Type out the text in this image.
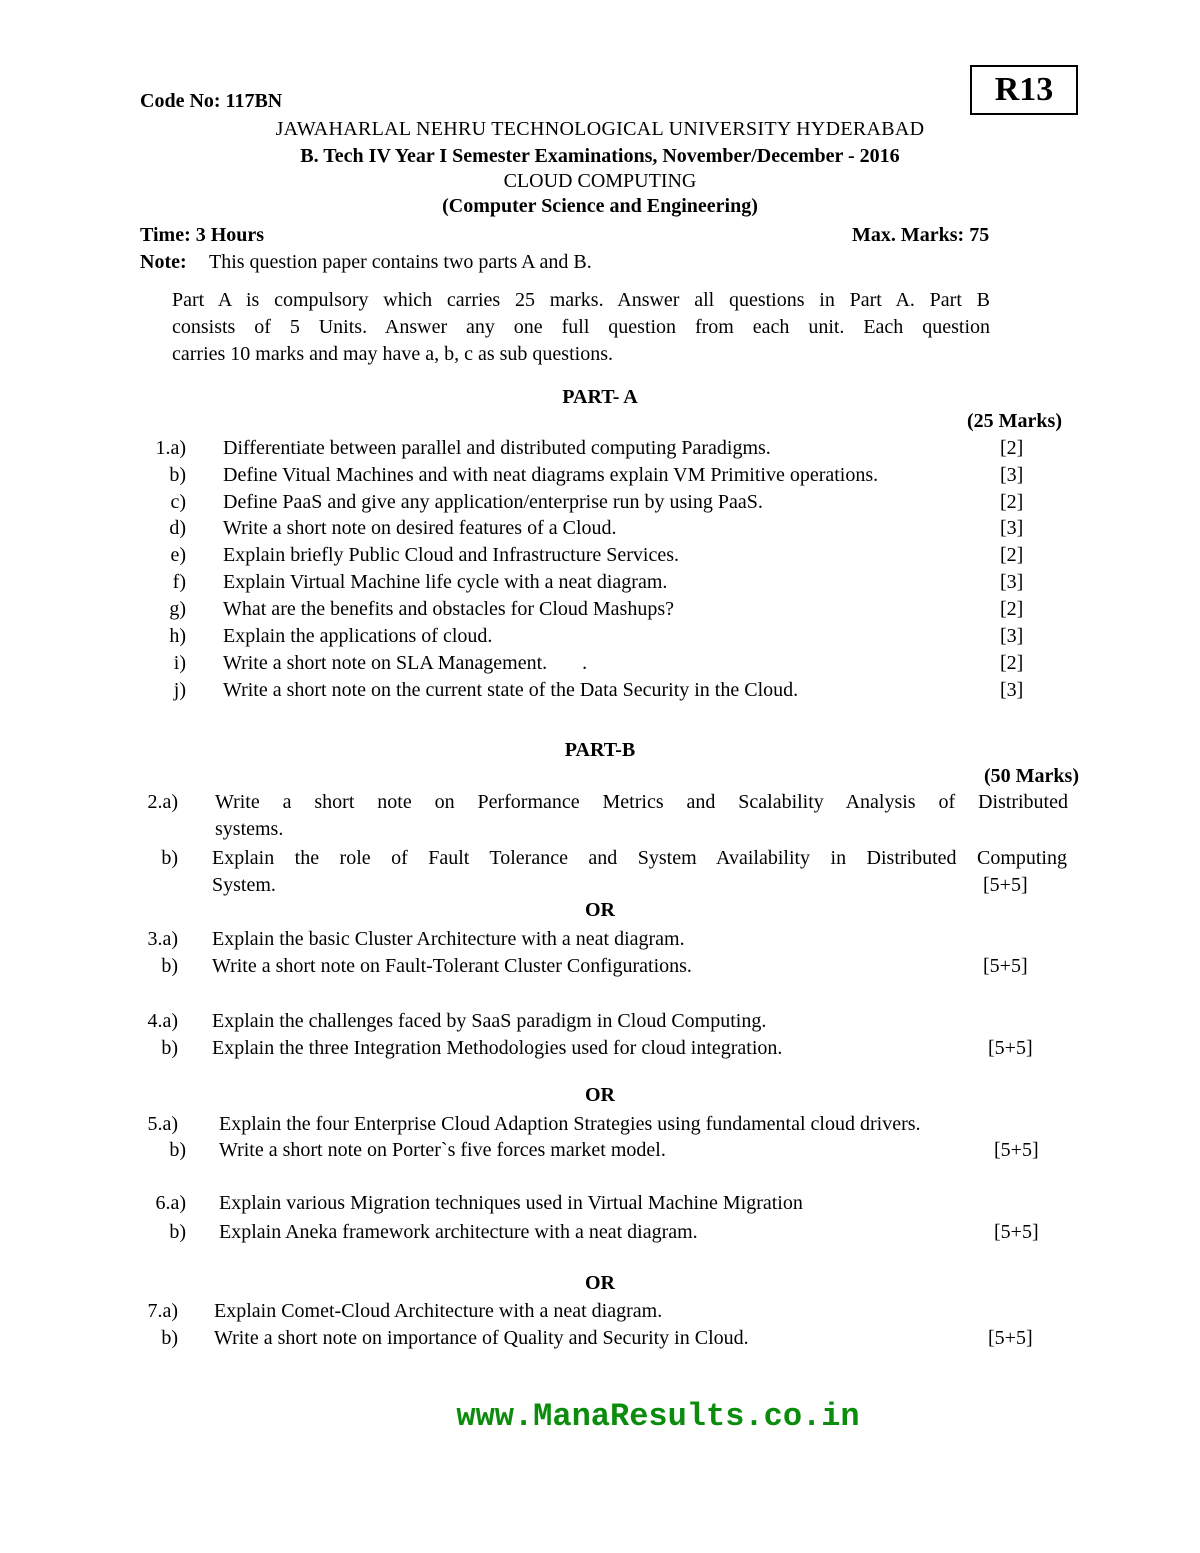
Code No: 117BN	R13
JAWAHARLAL NEHRU TECHNOLOGICAL UNIVERSITY HYDERABAD
B. Tech IV Year I Semester Examinations, November/December - 2016
CLOUD COMPUTING
(Computer Science and Engineering)
Time: 3 Hours	Max. Marks: 75
Note: This question paper contains two parts A and B.
Part A is compulsory which carries 25 marks. Answer all questions in Part A. Part B
consists of 5 Units. Answer any one full question from each unit. Each question
carries 10 marks and may have a, b, c as sub questions.
PART- A
(25 Marks)
1.a) Differentiate between parallel and distributed computing Paradigms.	[2]
b) Define Vitual Machines and with neat diagrams explain VM Primitive operations.	[3]
c) Define PaaS and give any application/enterprise run by using PaaS.	[2]
d) Write a short note on desired features of a Cloud.	[3]
e) Explain briefly Public Cloud and Infrastructure Services.	[2]
f) Explain Virtual Machine life cycle with a neat diagram.	[3]
g) What are the benefits and obstacles for Cloud Mashups?	[2]
h) Explain the applications of cloud.	[3]
i) Write a short note on SLA Management.       .	[2]
j) Write a short note on the current state of the Data Security in the Cloud.	[3]
PART-B
(50 Marks)
2.a) Write a short note on Performance Metrics and Scalability Analysis of Distributed
systems.
b) Explain the role of Fault Tolerance and System Availability in Distributed Computing
System.	[5+5]
OR
3.a) Explain the basic Cluster Architecture with a neat diagram.
b) Write a short note on Fault-Tolerant Cluster Configurations.	[5+5]
4.a) Explain the challenges faced by SaaS paradigm in Cloud Computing.
b) Explain the three Integration Methodologies used for cloud integration.	[5+5]
OR
5.a) Explain the four Enterprise Cloud Adaption Strategies using fundamental cloud drivers.
b) Write a short note on Porter`s five forces market model.	[5+5]
6.a) Explain various Migration techniques used in Virtual Machine Migration
b) Explain Aneka framework architecture with a neat diagram.	[5+5]
OR
7.a) Explain Comet-Cloud Architecture with a neat diagram.
b) Write a short note on importance of Quality and Security in Cloud.	[5+5]
www.ManaResults.co.in
